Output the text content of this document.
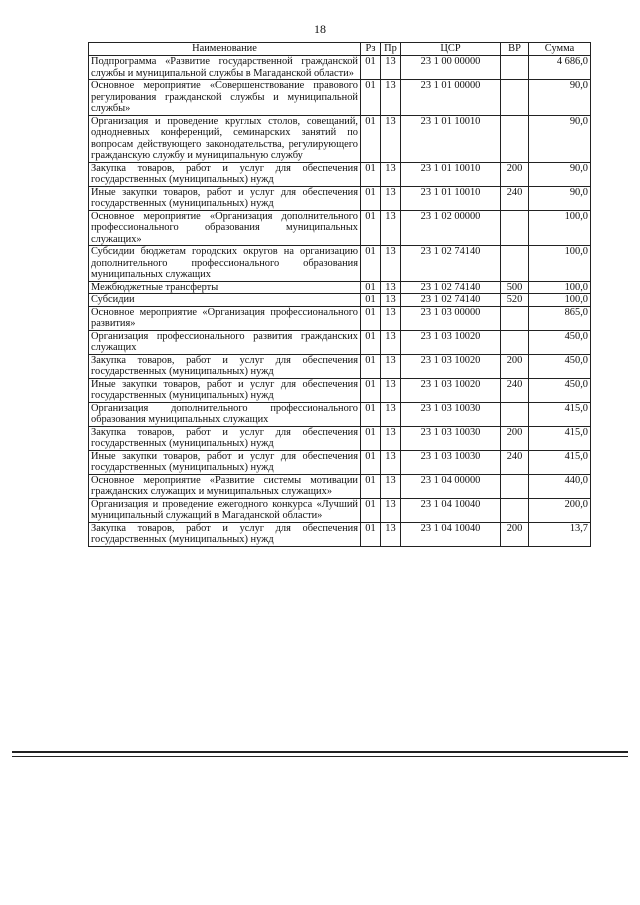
18
Наименование	Рз	Пр	ЦСР	ВР	Сумма
Подпрограмма «Развитие государственной гражданской службы и муниципальной службы в Магаданской области»	01	13	23 1 00 00000		4 686,0
Основное мероприятие «Совершенствование правового регулирования гражданской службы и муниципальной службы»	01	13	23 1 01 00000		90,0
Организация и проведение круглых столов, совещаний, однодневных конференций, семинарских занятий по вопросам действующего законодательства, регулирующего гражданскую службу и муниципальную службу	01	13	23 1 01 10010		90,0
Закупка товаров, работ и услуг для обеспечения государственных (муниципальных) нужд	01	13	23 1 01 10010	200	90,0
Иные закупки товаров, работ и услуг для обеспечения государственных (муниципальных) нужд	01	13	23 1 01 10010	240	90,0
Основное мероприятие «Организация дополнительного профессионального образования муниципальных служащих»	01	13	23 1 02 00000		100,0
Субсидии бюджетам городских округов на организацию дополнительного профессионального образования муниципальных служащих	01	13	23 1 02 74140		100,0
Межбюджетные трансферты	01	13	23 1 02 74140	500	100,0
Субсидии	01	13	23 1 02 74140	520	100,0
Основное мероприятие «Организация профессионального развития»	01	13	23 1 03 00000		865,0
Организация профессионального развития гражданских служащих	01	13	23 1 03 10020		450,0
Закупка товаров, работ и услуг для обеспечения государственных (муниципальных) нужд	01	13	23 1 03 10020	200	450,0
Иные закупки товаров, работ и услуг для обеспечения государственных (муниципальных) нужд	01	13	23 1 03 10020	240	450,0
Организация дополнительного профессионального образования муниципальных служащих	01	13	23 1 03 10030		415,0
Закупка товаров, работ и услуг для обеспечения государственных (муниципальных) нужд	01	13	23 1 03 10030	200	415,0
Иные закупки товаров, работ и услуг для обеспечения государственных (муниципальных) нужд	01	13	23 1 03 10030	240	415,0
Основное мероприятие «Развитие системы мотивации гражданских служащих и муниципальных служащих»	01	13	23 1 04 00000		440,0
Организация и проведение ежегодного конкурса «Лучший муниципальный служащий в Магаданской области»	01	13	23 1 04 10040		200,0
Закупка товаров, работ и услуг для обеспечения государственных (муниципальных) нужд	01	13	23 1 04 10040	200	13,7
